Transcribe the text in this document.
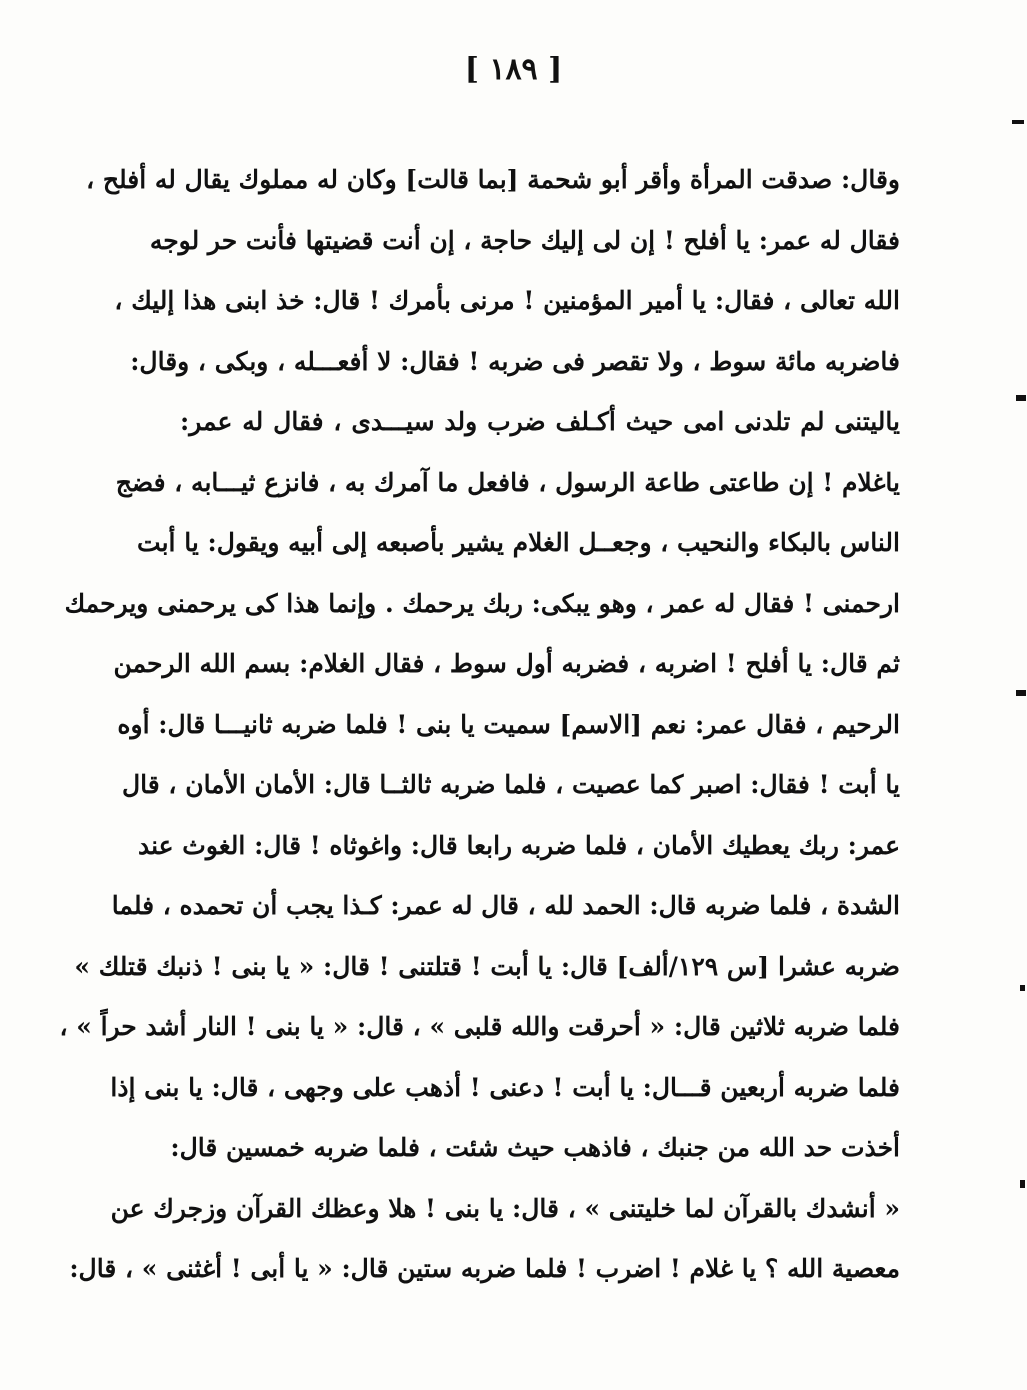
[ ١٨٩ ]
وقال: صدقت المرأة وأقر أبو شحمة [بما قالت] وكان له مملوك يقال له أفلح ،
فقال له عمر: يا أفلح ! إن لى إليك حاجة ، إن أنت قضيتها فأنت حر لوجه
الله تعالى ، فقال: يا أمير المؤمنين ! مرنى بأمرك ! قال: خذ ابنى هذا إليك ،
فاضربه مائة سوط ، ولا تقصر فى ضربه ! فقال: لا أفعـــله ، وبكى ، وقال:
ياليتنى لم تلدنى امى حيث أكـلف ضرب ولد سيـــدى ، فقال له عمر:
ياغلام ! إن طاعتى طاعة الرسول ، فافعل ما آمرك به ، فانزع ثيـــابه ، فضج
الناس بالبكاء والنحيب ، وجعــل الغلام يشير بأصبعه إلى أبيه ويقول: يا أبت
ارحمنى ! فقال له عمر ، وهو يبكى: ربك يرحمك . وإنما هذا كى يرحمنى ويرحمك
ثم قال: يا أفلح ! اضربه ، فضربه أول سوط ، فقال الغلام: بسم الله الرحمن
الرحيم ، فقال عمر: نعم [الاسم] سميت يا بنى ! فلما ضربه ثانيـــا قال: أوه
يا أبت ! فقال: اصبر كما عصيت ، فلما ضربه ثالثــا قال: الأمان الأمان ، قال
عمر: ربك يعطيك الأمان ، فلما ضربه رابعا قال: واغوثاه ! قال: الغوث عند
الشدة ، فلما ضربه قال: الحمد لله ، قال له عمر: كـذا يجب أن تحمده ، فلما
ضربه عشرا [س ١٢٩/ألف] قال: يا أبت ! قتلتنى ! قال: « يا بنى ! ذنبك قتلك »
فلما ضربه ثلاثين قال: « أحرقت والله قلبى » ، قال: « يا بنى ! النار أشد حراً » ،
فلما ضربه أربعين قـــال: يا أبت ! دعنى ! أذهب على وجهى ، قال: يا بنى إذا
أخذت حد الله من جنبك ، فاذهب حيث شئت ، فلما ضربه خمسين قال:
« أنشدك بالقرآن لما خليتنى » ، قال: يا بنى ! هلا وعظك القرآن وزجرك عن
معصية الله ؟ يا غلام ! اضرب ! فلما ضربه ستين قال: « يا أبى ! أغثنى » ، قال:
